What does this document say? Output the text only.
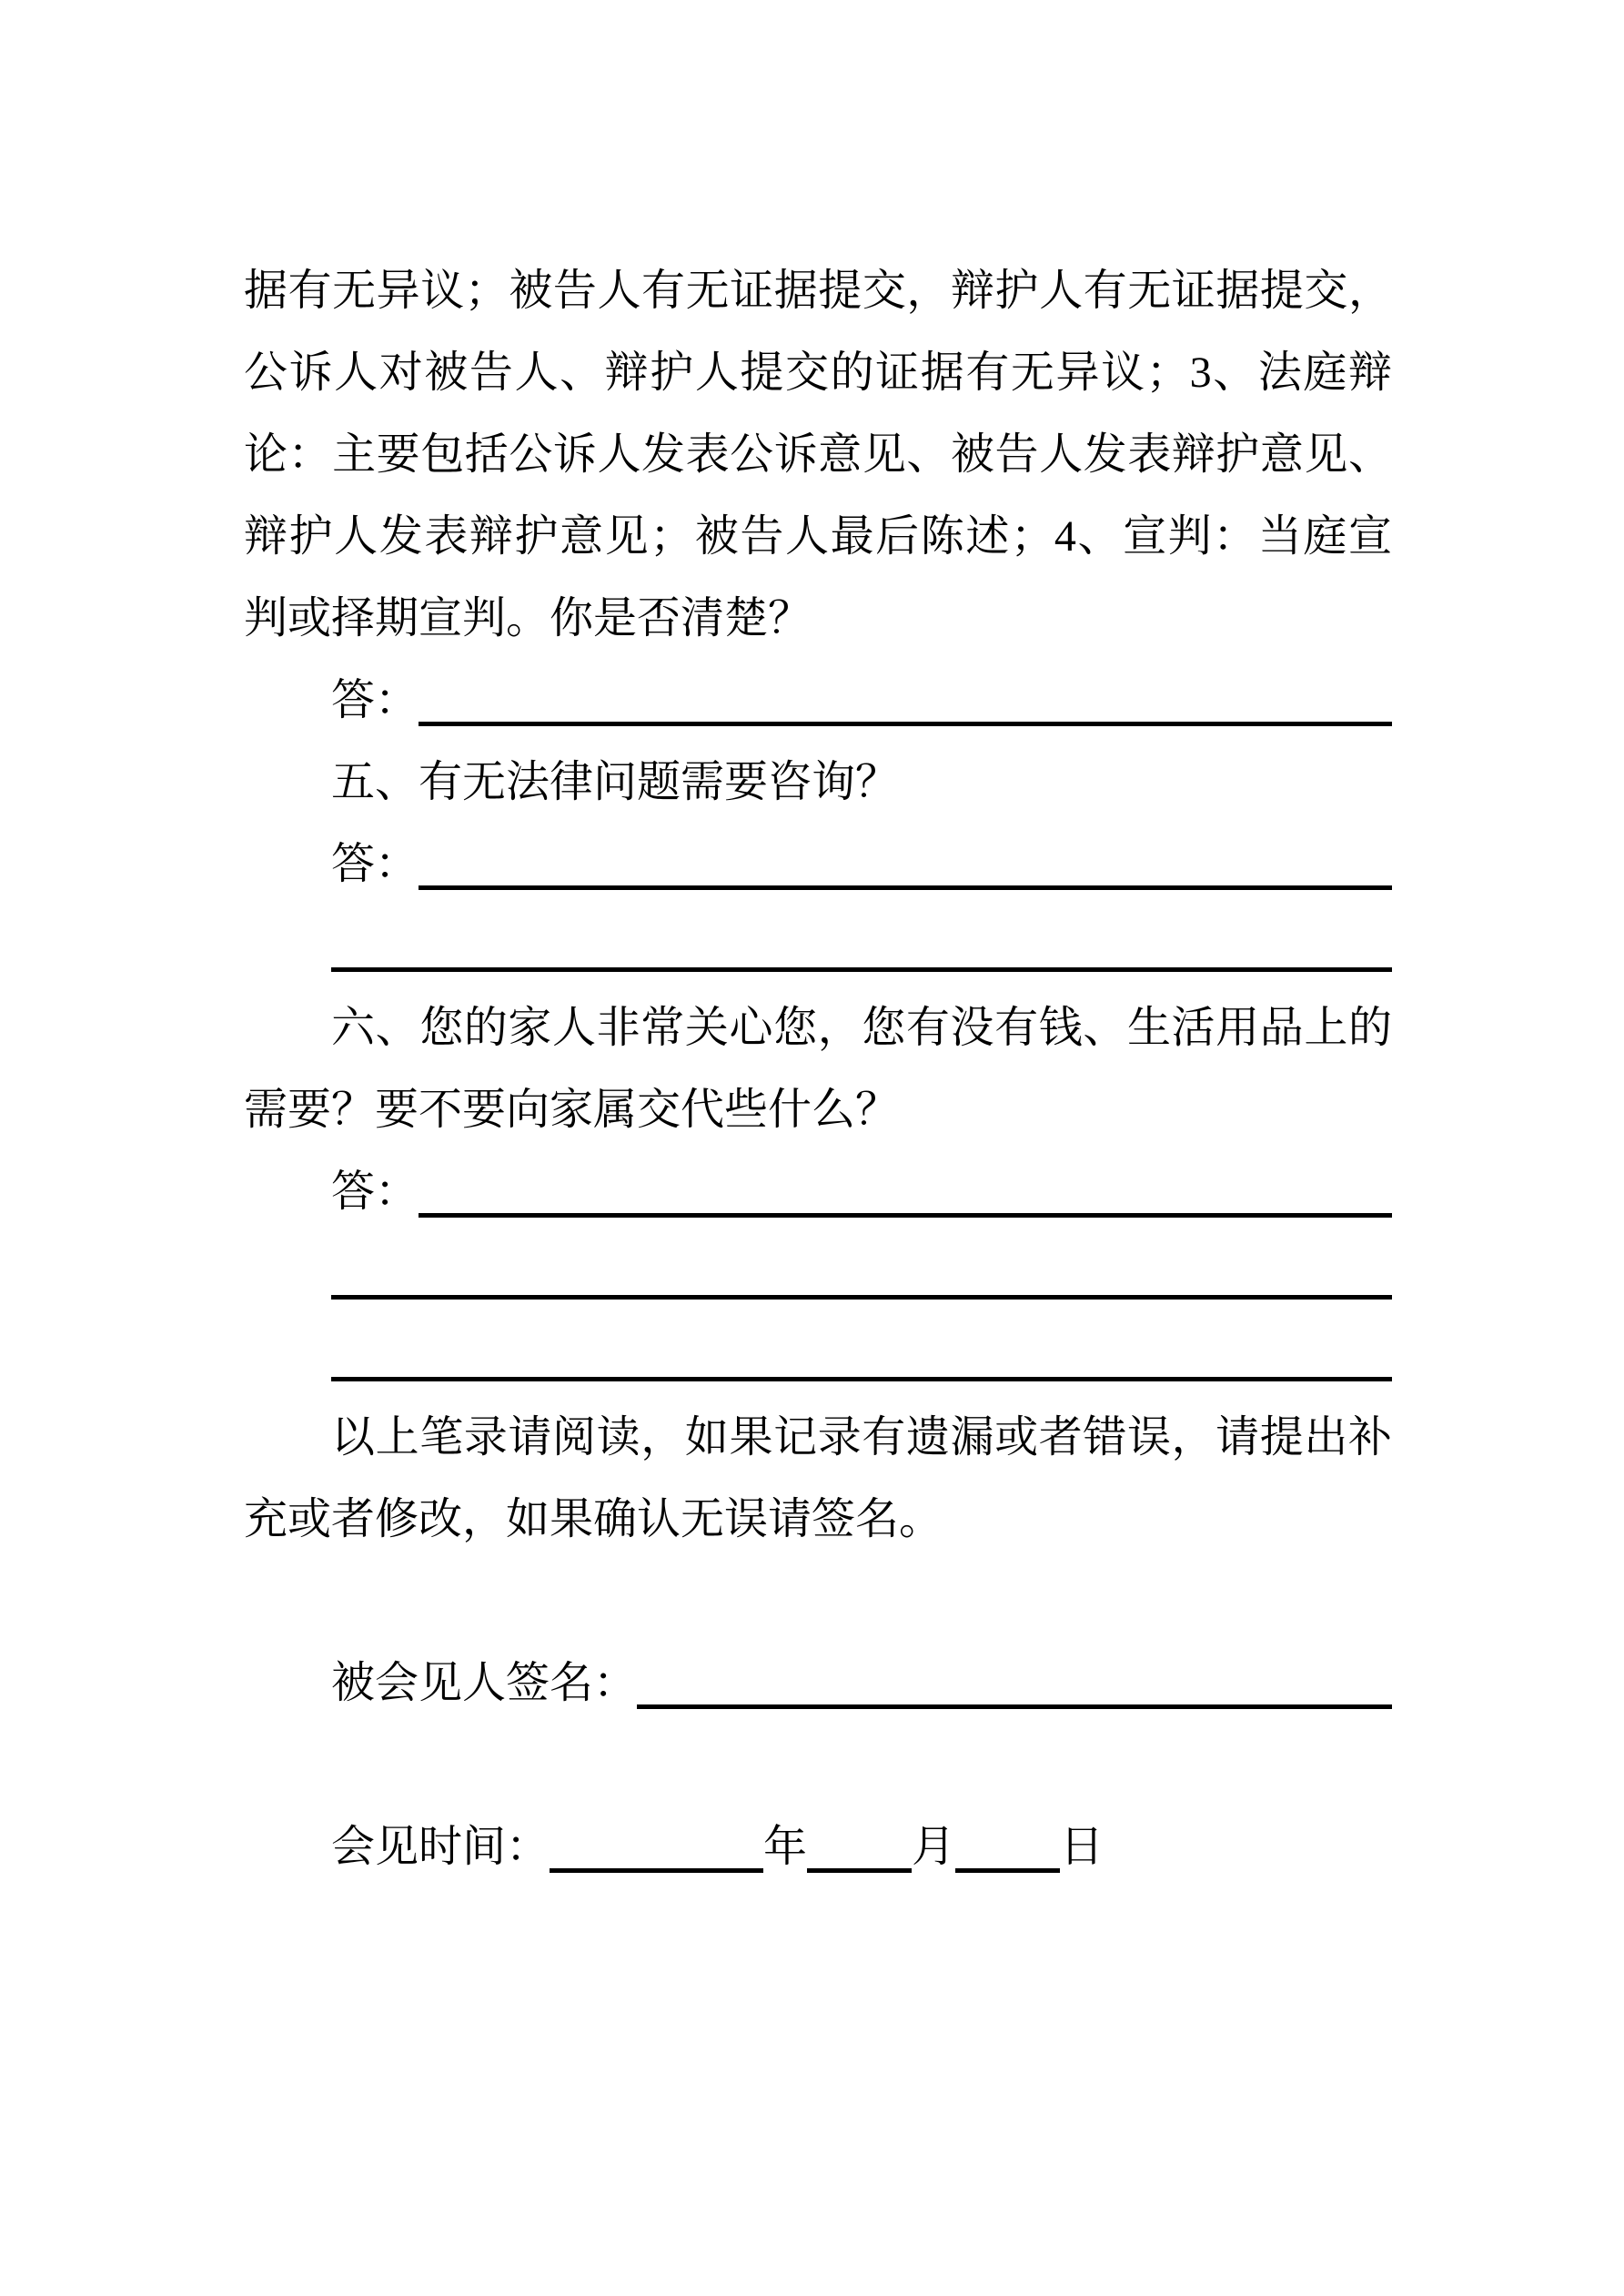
据有无异议；被告人有无证据提交，辩护人有无证据提交，
公诉人对被告人、辩护人提交的证据有无异议；3、法庭辩
论：主要包括公诉人发表公诉意见、被告人发表辩护意见、
辩护人发表辩护意见；被告人最后陈述；4、宣判：当庭宣
判或择期宣判。你是否清楚？
答：
五、有无法律问题需要咨询？
答：
六、您的家人非常关心您，您有没有钱、生活用品上的
需要？要不要向家属交代些什么？
答：
以上笔录请阅读，如果记录有遗漏或者错误，请提出补
充或者修改，如果确认无误请签名。
被会见人签名：
会见时间：	年 月 日
